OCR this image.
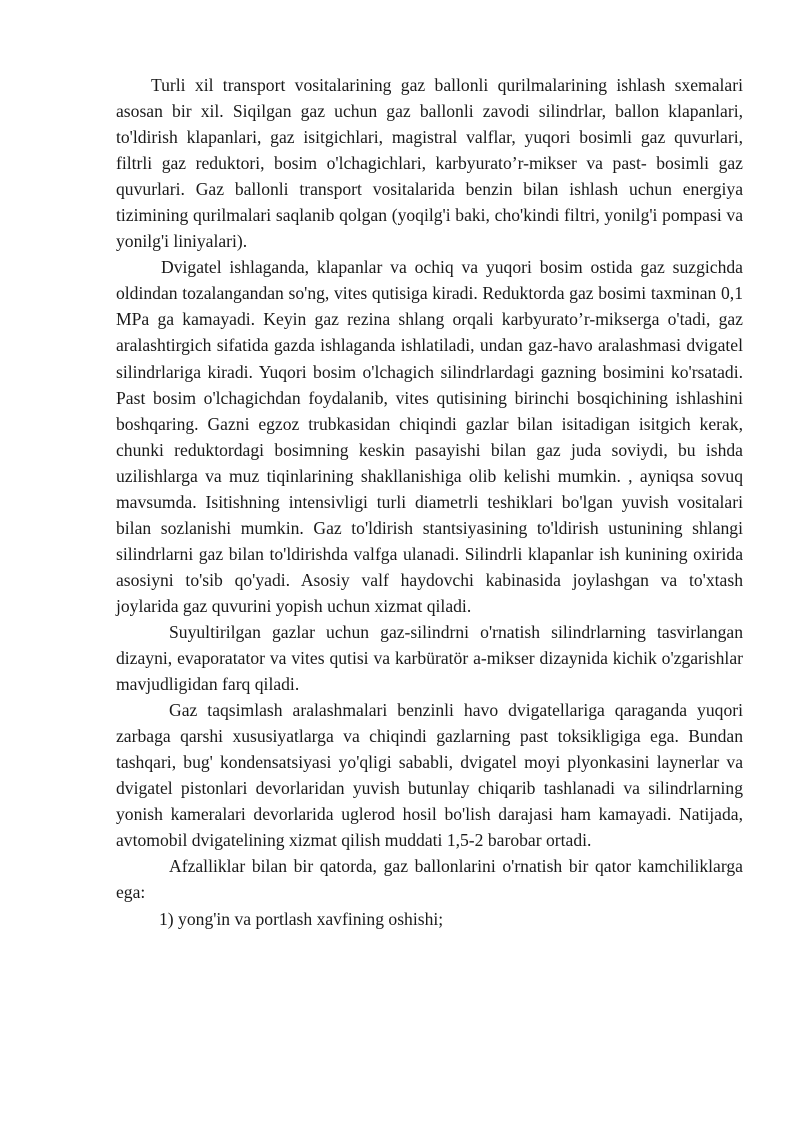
Turli xil transport vositalarining gaz ballonli qurilmalarining ishlash sxemalari asosan bir xil. Siqilgan gaz uchun gaz ballonli zavodi silindrlar, ballon klapanlari, to'ldirish klapanlari, gaz isitgichlari, magistral valflar, yuqori bosimli gaz quvurlari, filtrli gaz reduktori, bosim o'lchagichlari, karbyurato’r-mikser va past- bosimli gaz quvurlari. Gaz ballonli transport vositalarida benzin bilan ishlash uchun energiya tizimining qurilmalari saqlanib qolgan (yoqilg'i baki, cho'kindi filtri, yonilg'i pompasi va yonilg'i liniyalari).

Dvigatel ishlaganda, klapanlar va ochiq va yuqori bosim ostida gaz suzgichda oldindan tozalangandan so'ng, vites qutisiga kiradi. Reduktorda gaz bosimi taxminan 0,1 MPa ga kamayadi. Keyin gaz rezina shlang orqali karbyurato’r-mikserga o'tadi, gaz aralashtirgich sifatida gazda ishlaganda ishlatiladi, undan gaz-havo aralashmasi dvigatel silindrlariga kiradi. Yuqori bosim o'lchagich silindrlardagi gazning bosimini ko'rsatadi. Past bosim o'lchagichdan foydalanib, vites qutisining birinchi bosqichining ishlashini boshqaring. Gazni egzoz trubkasidan chiqindi gazlar bilan isitadigan isitgich kerak, chunki reduktordagi bosimning keskin pasayishi bilan gaz juda soviydi, bu ishda uzilishlarga va muz tiqinlarining shakllanishiga olib kelishi mumkin. , ayniqsa sovuq mavsumda. Isitishning intensivligi turli diametrli teshiklari bo'lgan yuvish vositalari bilan sozlanishi mumkin. Gaz to'ldirish stantsiyasining to'ldirish ustunining shlangi silindrlarni gaz bilan to'ldirishda valfga ulanadi. Silindrli klapanlar ish kunining oxirida asosiyni to'sib qo'yadi. Asosiy valf haydovchi kabinasida joylashgan va to'xtash joylarida gaz quvurini yopish uchun xizmat qiladi.

Suyultirilgan gazlar uchun gaz-silindrni o'rnatish silindrlarning tasvirlangan dizayni, evaporatator va vites qutisi va karbüratör a-mikser dizaynida kichik o'zgarishlar mavjudligidan farq qiladi.

Gaz taqsimlash aralashmalari benzinli havo dvigatellariga qaraganda yuqori zarbaga qarshi xususiyatlarga va chiqindi gazlarning past toksikligiga ega. Bundan tashqari, bug' kondensatsiyasi yo'qligi sababli, dvigatel moyi plyonkasini laynerlar va dvigatel pistonlari devorlaridan yuvish butunlay chiqarib tashlanadi va silindrlarning yonish kameralari devorlarida uglerod hosil bo'lish darajasi ham kamayadi. Natijada, avtomobil dvigatelining xizmat qilish muddati 1,5-2 barobar ortadi.

Afzalliklar bilan bir qatorda, gaz ballonlarini o'rnatish bir qator kamchiliklarga ega:

1) yong'in va portlash xavfining oshishi;
